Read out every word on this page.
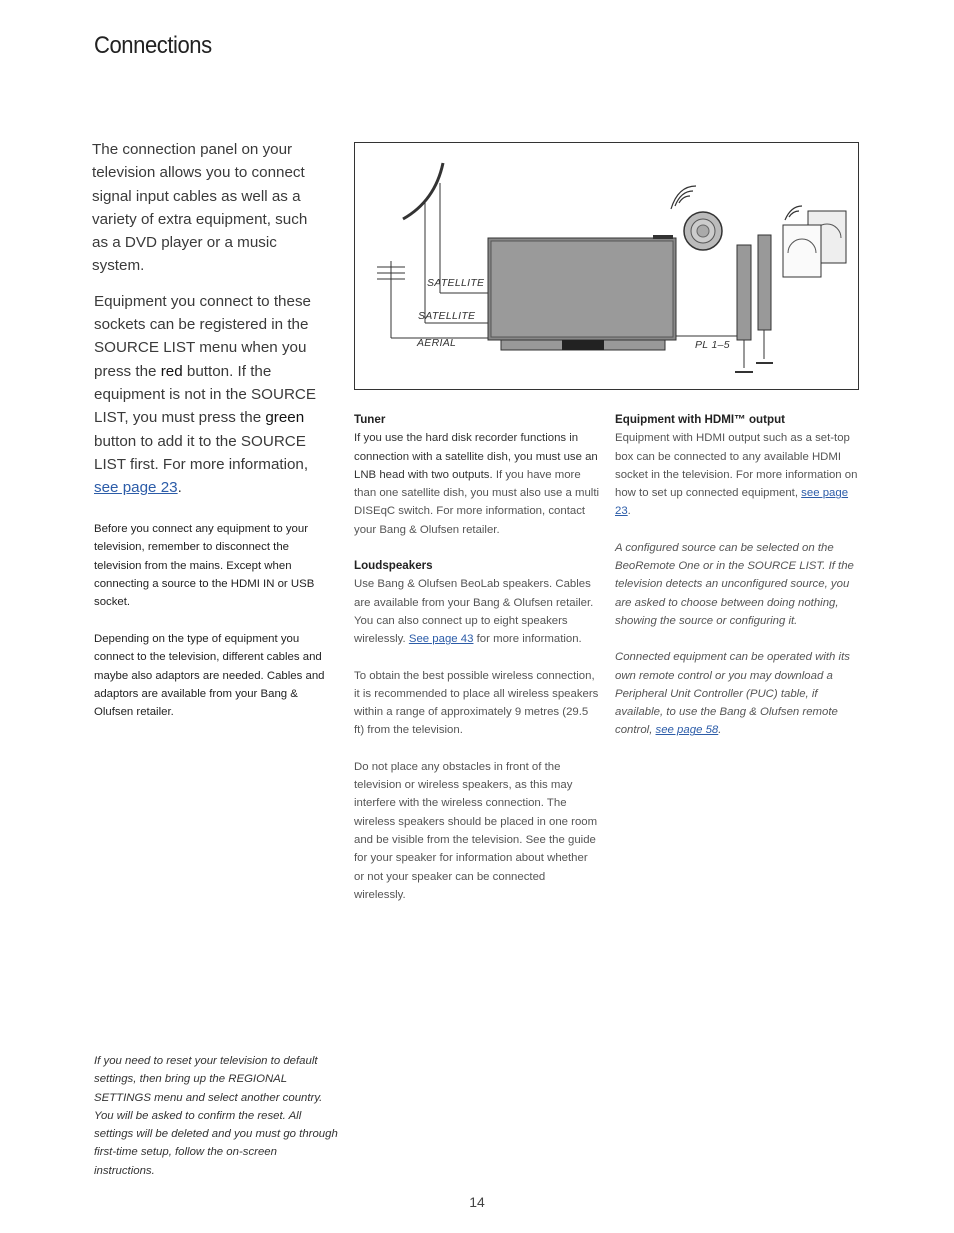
Connections

The connection panel on your television allows you to connect signal input cables as well as a variety of extra equipment, such as a DVD player or a music system.

Equipment you connect to these sockets can be registered in the SOURCE LIST menu when you press the red button. If the equipment is not in the SOURCE LIST, you must press the green button to add it to the SOURCE LIST first. For more information, see page 23.

Before you connect any equipment to your television, remember to disconnect the television from the mains. Except when connecting a source to the HDMI IN or USB socket.

Depending on the type of equipment you connect to the television, different cables and maybe also adaptors are needed. Cables and adaptors are available from your Bang & Olufsen retailer.

SATELLITE
SATELLITE
AERIAL	PL 1–5
Tuner

If you use the hard disk recorder functions in connection with a satellite dish, you must use an LNB head with two outputs. If you have more than one satellite dish, you must also use a multi DISEqC switch. For more information, contact your Bang & Olufsen retailer.

Loudspeakers

Use Bang & Olufsen BeoLab speakers. Cables are available from your Bang & Olufsen retailer. You can also connect up to eight speakers wirelessly. See page 43 for more information.

To obtain the best possible wireless connection, it is recommended to place all wireless speakers within a range of approximately 9 metres (29.5 ft) from the television.

Do not place any obstacles in front of the television or wireless speakers, as this may interfere with the wireless connection. The wireless speakers should be placed in one room and be visible from the television. See the guide for your speaker for information about whether or not your speaker can be connected wirelessly.

Equipment with HDMI™ output

Equipment with HDMI output such as a set-top box can be connected to any available HDMI socket in the television. For more information on how to set up connected equipment, see page 23.

A configured source can be selected on the BeoRemote One or in the SOURCE LIST. If the television detects an unconfigured source, you are asked to choose between doing nothing, showing the source or configuring it.

Connected equipment can be operated with its own remote control or you may download a Peripheral Unit Controller (PUC) table, if available, to use the Bang & Olufsen remote control, see page 58.

If you need to reset your television to default settings, then bring up the REGIONAL SETTINGS menu and select another country. You will be asked to confirm the reset. All settings will be deleted and you must go through first-time setup, follow the on-screen instructions.
14
